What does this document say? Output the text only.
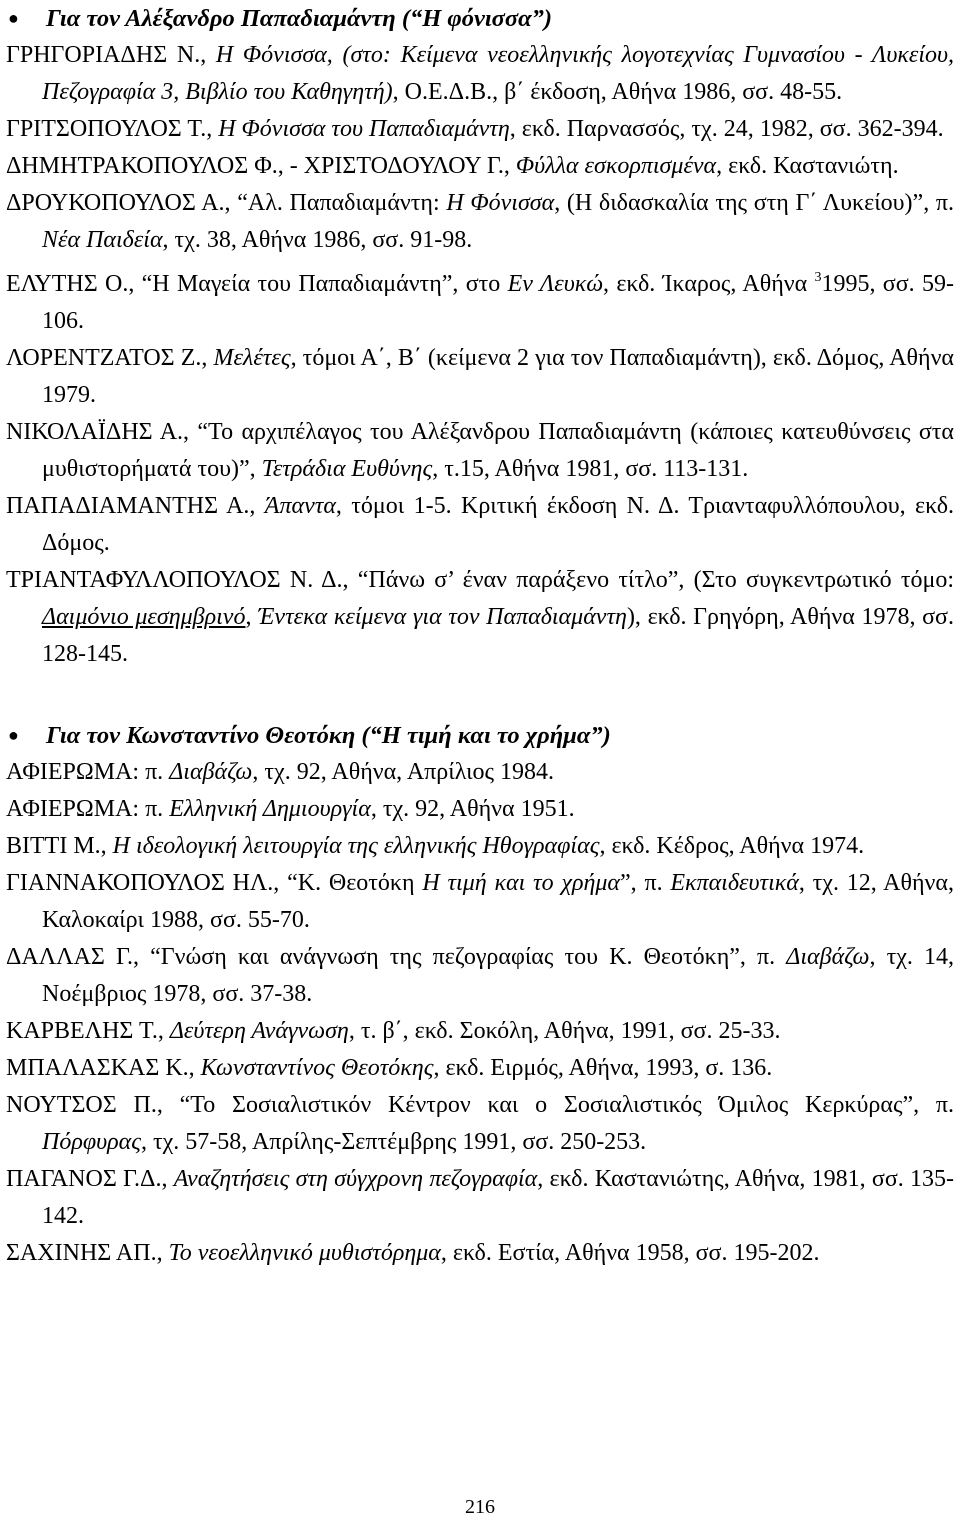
●	Για τον Αλέξανδρο Παπαδιαμάντη (“Η φόνισσα”)
ΓΡΗΓΟΡΙΑΔΗΣ Ν., Η Φόνισσα, (στο: Κείμενα νεοελληνικής λογοτεχνίας Γυμνασίου - Λυκείου, Πεζογραφία 3, Βιβλίο του Καθηγητή), Ο.Ε.Δ.Β., β΄ έκδοση, Αθήνα 1986, σσ. 48-55.
ΓΡΙΤΣΟΠΟΥΛΟΣ Τ., Η Φόνισσα του Παπαδιαμάντη, εκδ. Παρνασσός, τχ. 24, 1982, σσ. 362-394.
ΔΗΜΗΤΡΑΚΟΠΟΥΛΟΣ Φ., - ΧΡΙΣΤΟΔΟΥΛΟΥ Γ., Φύλλα εσκορπισμένα, εκδ. Καστανιώτη.
ΔΡΟΥΚΟΠΟΥΛΟΣ Α., “Αλ. Παπαδιαμάντη: Η Φόνισσα, (Η διδασκαλία της στη Γ΄ Λυκείου)”, π. Νέα Παιδεία, τχ. 38, Αθήνα 1986, σσ. 91-98.
ΕΛΥΤΗΣ Ο., “Η Μαγεία του Παπαδιαμάντη”, στο Εν Λευκώ, εκδ. Ίκαρος, Αθήνα $^3$1995, σσ. 59-106.
ΛΟΡΕΝΤΖΑΤΟΣ Ζ., Μελέτες, τόμοι Α΄, Β΄ (κείμενα 2 για τον Παπαδιαμάντη), εκδ. Δόμος, Αθήνα 1979.
ΝΙΚΟΛΑΪΔΗΣ Α., “Το αρχιπέλαγος του Αλέξανδρου Παπαδιαμάντη (κάποιες κατευθύνσεις στα μυθιστορήματά του)”, Τετράδια Ευθύνης, τ.15, Αθήνα 1981, σσ. 113-131.
ΠΑΠΑΔΙΑΜΑΝΤΗΣ Α., Άπαντα, τόμοι 1-5. Κριτική έκδοση Ν. Δ. Τριανταφυλλόπουλου, εκδ. Δόμος.
ΤΡΙΑΝΤΑΦΥΛΛΟΠΟΥΛΟΣ Ν. Δ., “Πάνω σ’ έναν παράξενο τίτλο”, (Στο συγκεντρωτικό τόμο: Δαιμόνιο μεσημβρινό, Έντεκα κείμενα για τον Παπαδιαμάντη), εκδ. Γρηγόρη, Αθήνα 1978, σσ. 128-145.
●	Για τον Κωνσταντίνο Θεοτόκη (“Η τιμή και το χρήμα”)
ΑΦΙΕΡΩΜΑ: π. Διαβάζω, τχ. 92, Αθήνα, Απρίλιος 1984.
ΑΦΙΕΡΩΜΑ: π. Ελληνική Δημιουργία, τχ. 92, Αθήνα 1951.
ΒΙΤΤΙ Μ., Η ιδεολογική λειτουργία της ελληνικής Ηθογραφίας, εκδ. Κέδρος, Αθήνα 1974.
ΓΙΑΝΝΑΚΟΠΟΥΛΟΣ ΗΛ., “Κ. Θεοτόκη Η τιμή και το χρήμα”, π. Εκπαιδευτικά, τχ. 12, Αθήνα, Καλοκαίρι 1988, σσ. 55-70.
ΔΑΛΛΑΣ Γ., “Γνώση και ανάγνωση της πεζογραφίας του Κ. Θεοτόκη”, π. Διαβάζω, τχ. 14, Νοέμβριος 1978, σσ. 37-38.
ΚΑΡΒΕΛΗΣ Τ., Δεύτερη Ανάγνωση, τ. β΄, εκδ. Σοκόλη, Αθήνα, 1991, σσ. 25-33.
ΜΠΑΛΑΣΚΑΣ Κ., Κωνσταντίνος Θεοτόκης, εκδ. Ειρμός, Αθήνα, 1993, σ. 136.
ΝΟΥΤΣΟΣ Π., “Το Σοσιαλιστικόν Κέντρον και ο Σοσιαλιστικός Όμιλος Κερκύρας”, π. Πόρφυρας, τχ. 57-58, Απρίλης-Σεπτέμβρης 1991, σσ. 250-253.
ΠΑΓΑΝΟΣ Γ.Δ., Αναζητήσεις στη σύγχρονη πεζογραφία, εκδ. Καστανιώτης, Αθήνα, 1981, σσ. 135-142.
ΣΑΧΙΝΗΣ ΑΠ., Το νεοελληνικό μυθιστόρημα, εκδ. Εστία, Αθήνα 1958, σσ. 195-202.
216
